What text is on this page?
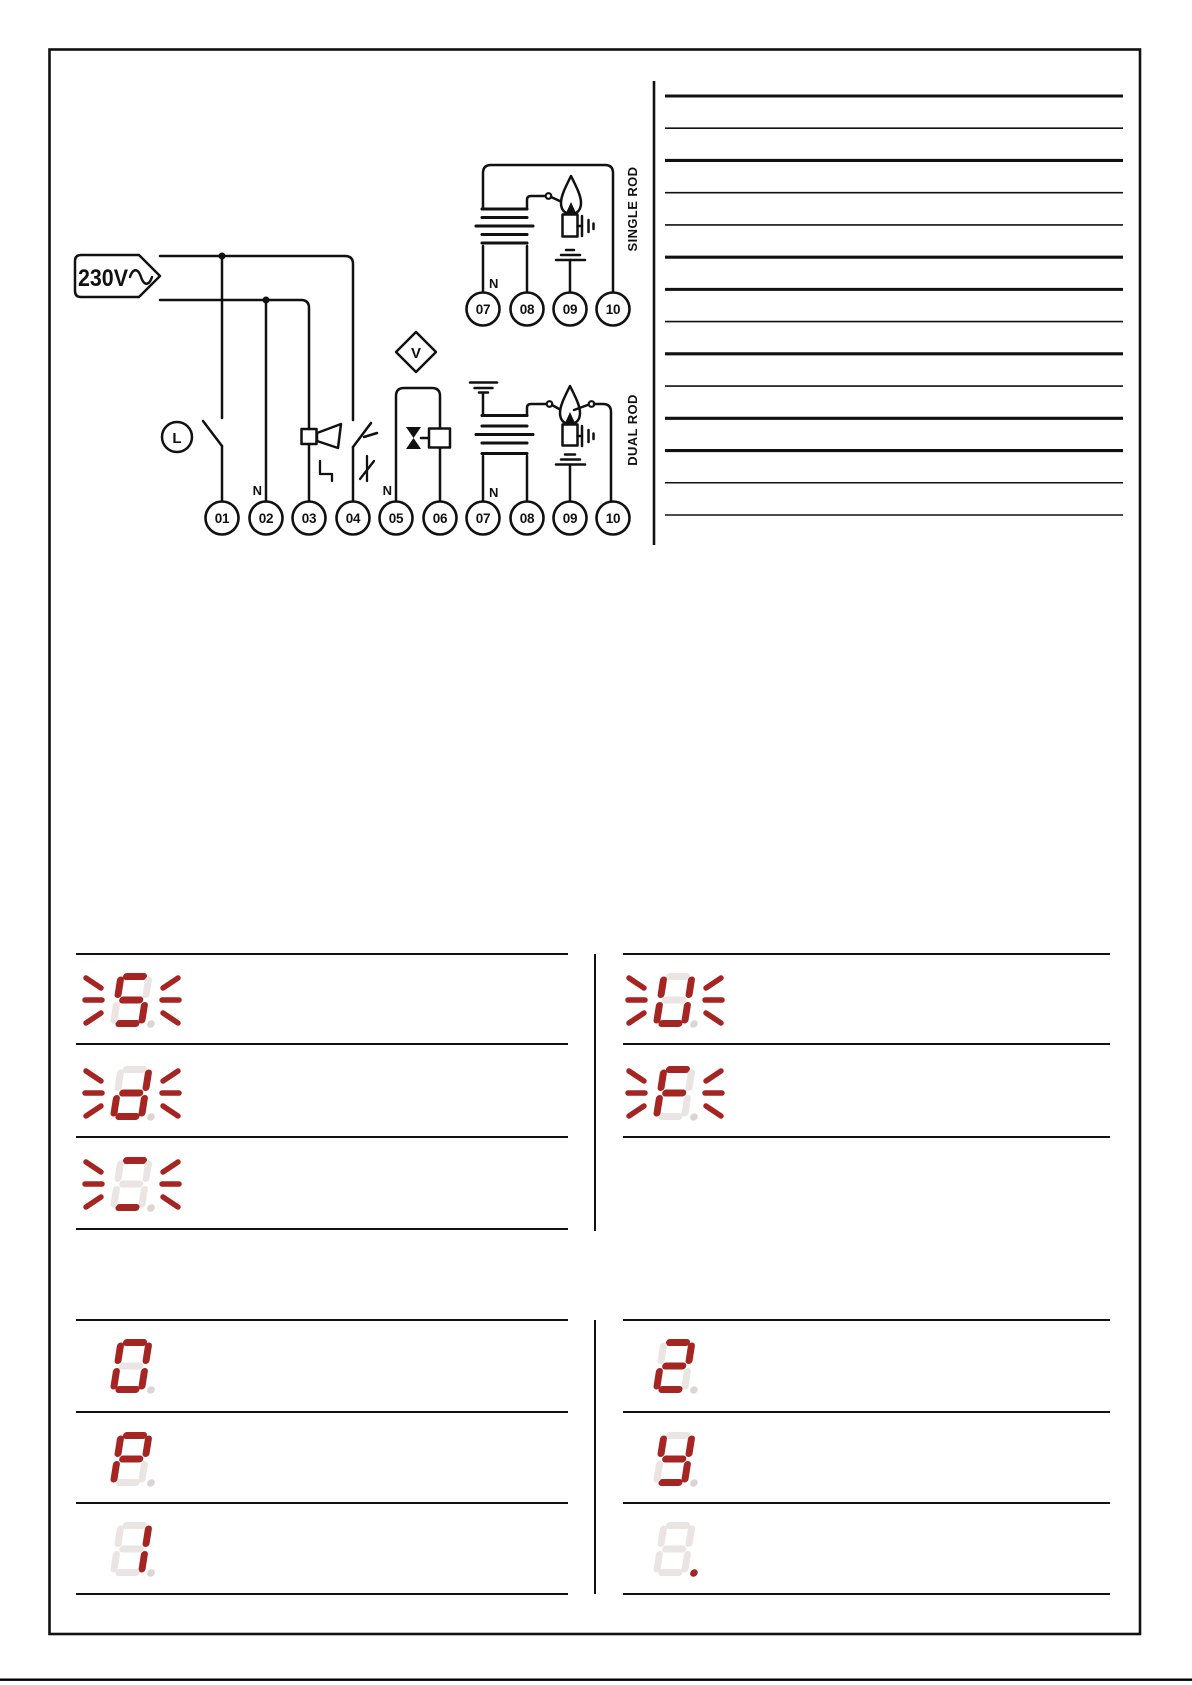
230V
L
V
N
SINGLE ROD
N
DUAL ROD
N	N
01 02 03 04 05 06 07 08 09 10
07 08 09 10
